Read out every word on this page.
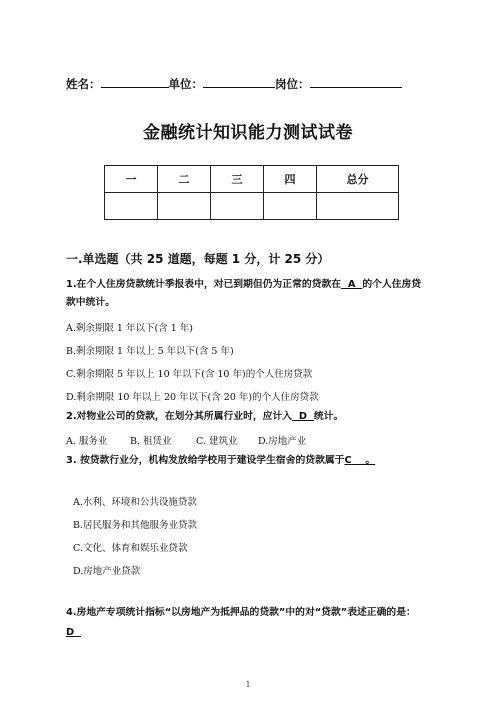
姓名：	单位：	岗位：
金融统计知识能力测试试卷
一	二	三	四	总分

一.单选题（共 25 道题，每题 1 分，计 25 分）
1.在个人住房贷款统计季报表中，对已到期但仍为正常的贷款在 A 的个人住房贷
款中统计。
A.剩余期限 1 年以下(含 1 年)
B.剩余期限 1 年以上 5 年以下(含 5 年)
C.剩余期限 5 年以上 10 年以下(含 10 年)的个人住房贷款
D.剩余期限 10 年以上 20 年以下(含 20 年)的个人住房贷款
2.对物业公司的贷款，在划分其所属行业时，应计入 D 统计。
A. 服务业 B. 租赁业	C. 建筑业 D.房地产业
3. 按贷款行业分，机构发放给学校用于建设学生宿舍的贷款属于C 。
A.水利、环境和公共设施贷款
B.居民服务和其他服务业贷款
C.文化、体育和娱乐业贷款
D.房地产业贷款
4.房地产专项统计指标“以房地产为抵押品的贷款”中的对“贷款”表述正确的是：
D
1
